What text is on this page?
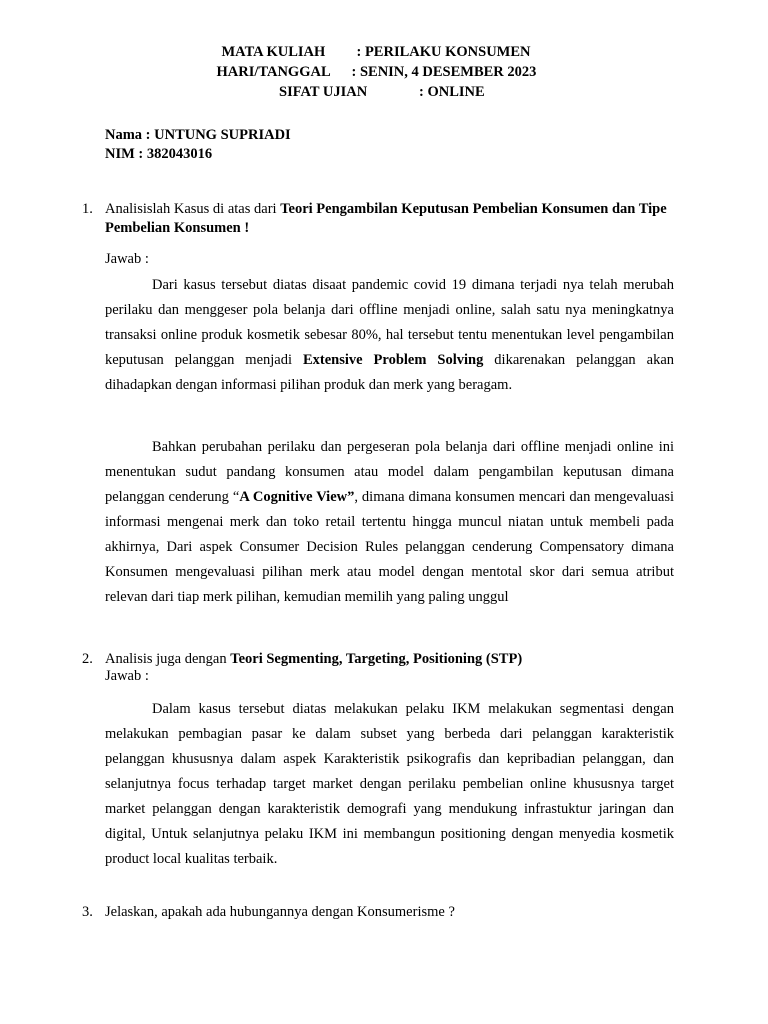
MATA KULIAH	: PERILAKU KONSUMEN
HARI/TANGGAL	: SENIN, 4 DESEMBER 2023
SIFAT UJIAN	: ONLINE
Nama : UNTUNG SUPRIADI
NIM : 382043016
1. Analisislah Kasus di atas dari Teori Pengambilan Keputusan Pembelian Konsumen dan Tipe Pembelian Konsumen !
Jawab :
Dari kasus tersebut diatas disaat pandemic covid 19 dimana terjadi nya telah merubah perilaku dan menggeser pola belanja dari offline menjadi online, salah satu nya meningkatnya transaksi online produk kosmetik sebesar 80%, hal tersebut tentu menentukan level pengambilan keputusan pelanggan menjadi Extensive Problem Solving dikarenakan pelanggan akan dihadapkan dengan informasi pilihan produk dan merk yang beragam.
Bahkan perubahan perilaku dan pergeseran pola belanja dari offline menjadi online ini menentukan sudut pandang konsumen atau model dalam pengambilan keputusan dimana pelanggan cenderung “A Cognitive View”, dimana dimana konsumen mencari dan mengevaluasi informasi mengenai merk dan toko retail tertentu hingga muncul niatan untuk membeli pada akhirnya, Dari aspek Consumer Decision Rules pelanggan cenderung Compensatory dimana Konsumen mengevaluasi pilihan merk atau model dengan mentotal skor dari semua atribut relevan dari tiap merk pilihan, kemudian memilih yang paling unggul
2. Analisis juga dengan Teori Segmenting, Targeting, Positioning (STP)
Jawab :
Dalam kasus tersebut diatas melakukan pelaku IKM melakukan segmentasi dengan melakukan pembagian pasar ke dalam subset yang berbeda dari pelanggan karakteristik pelanggan khususnya dalam aspek Karakteristik psikografis dan kepribadian pelanggan, dan selanjutnya focus terhadap target market dengan perilaku pembelian online khususnya target market pelanggan dengan karakteristik demografi yang mendukung infrastuktur jaringan dan digital, Untuk selanjutnya pelaku IKM ini membangun positioning dengan menyedia kosmetik product local kualitas terbaik.
3. Jelaskan, apakah ada hubungannya dengan Konsumerisme ?
